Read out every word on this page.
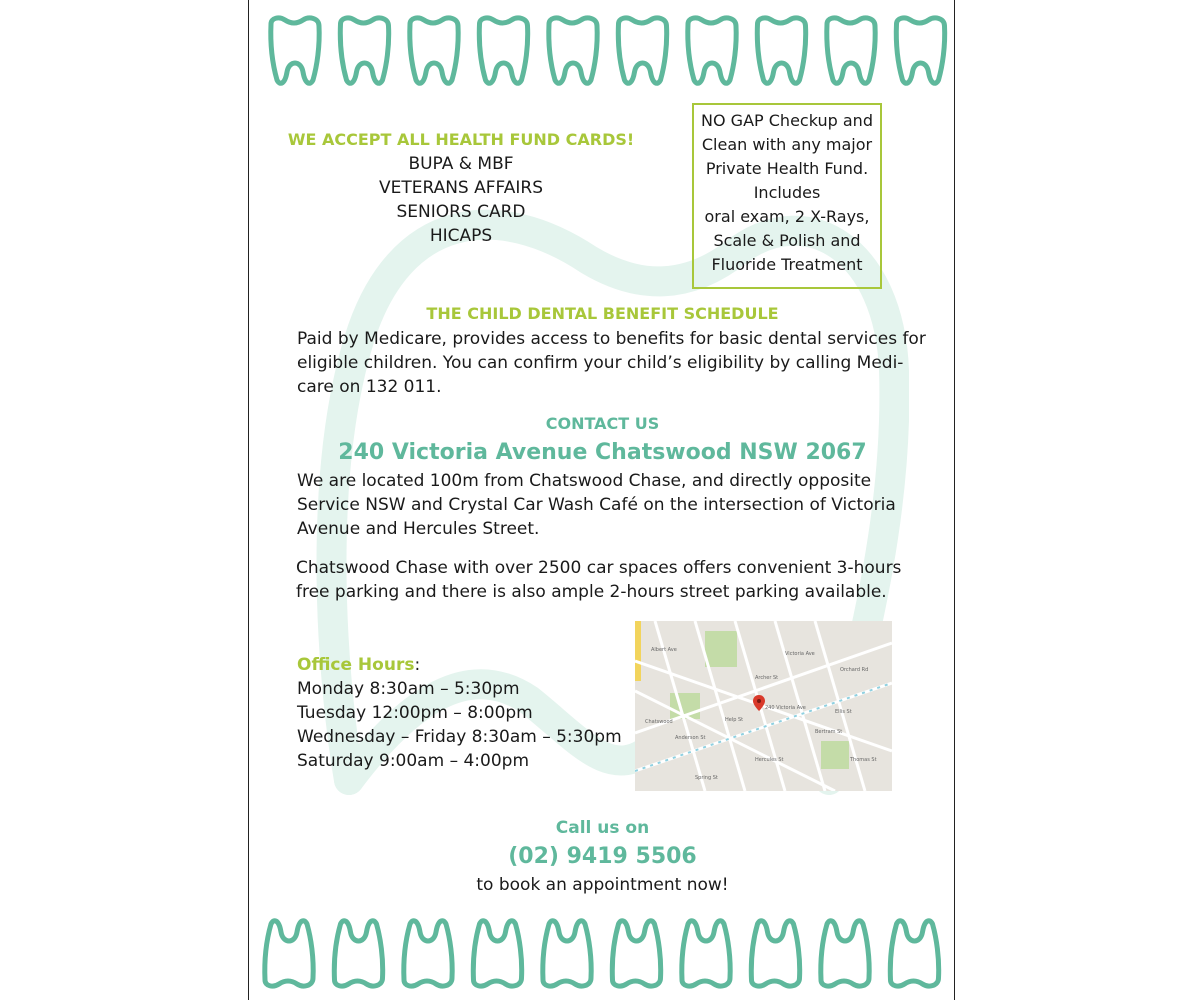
WE ACCEPT ALL HEALTH FUND CARDS!
BUPA & MBF
VETERANS AFFAIRS
SENIORS CARD
HICAPS
NO GAP Checkup and
Clean with any major
Private Health Fund.
Includes
oral exam, 2 X-Rays,
Scale & Polish and
Fluoride Treatment
THE CHILD DENTAL BENEFIT SCHEDULE
Paid by Medicare, provides access to benefits for basic dental services for
eligible children. You can confirm your child’s eligibility by calling Medi-
care on 132 011.
CONTACT US
240 Victoria Avenue Chatswood NSW 2067
We are located 100m from Chatswood Chase, and directly opposite
Service NSW and Crystal Car Wash Café on the intersection of Victoria
Avenue and Hercules Street.
Chatswood Chase with over 2500 car spaces offers convenient 3-hours
free parking and there is also ample 2-hours street parking available.
Office Hours:
Monday 8:30am – 5:30pm
Tuesday 12:00pm – 8:00pm
Wednesday – Friday 8:30am – 5:30pm
Saturday 9:00am – 4:00pm
Victoria Ave
Albert Ave
Archer St
Anderson St
Help St
Ellis St
Orchard Rd
Bertram St
Thomas St
Hercules St
Spring St
Chatswood
240 Victoria Ave
Call us on
(02) 9419 5506
to book an appointment now!
